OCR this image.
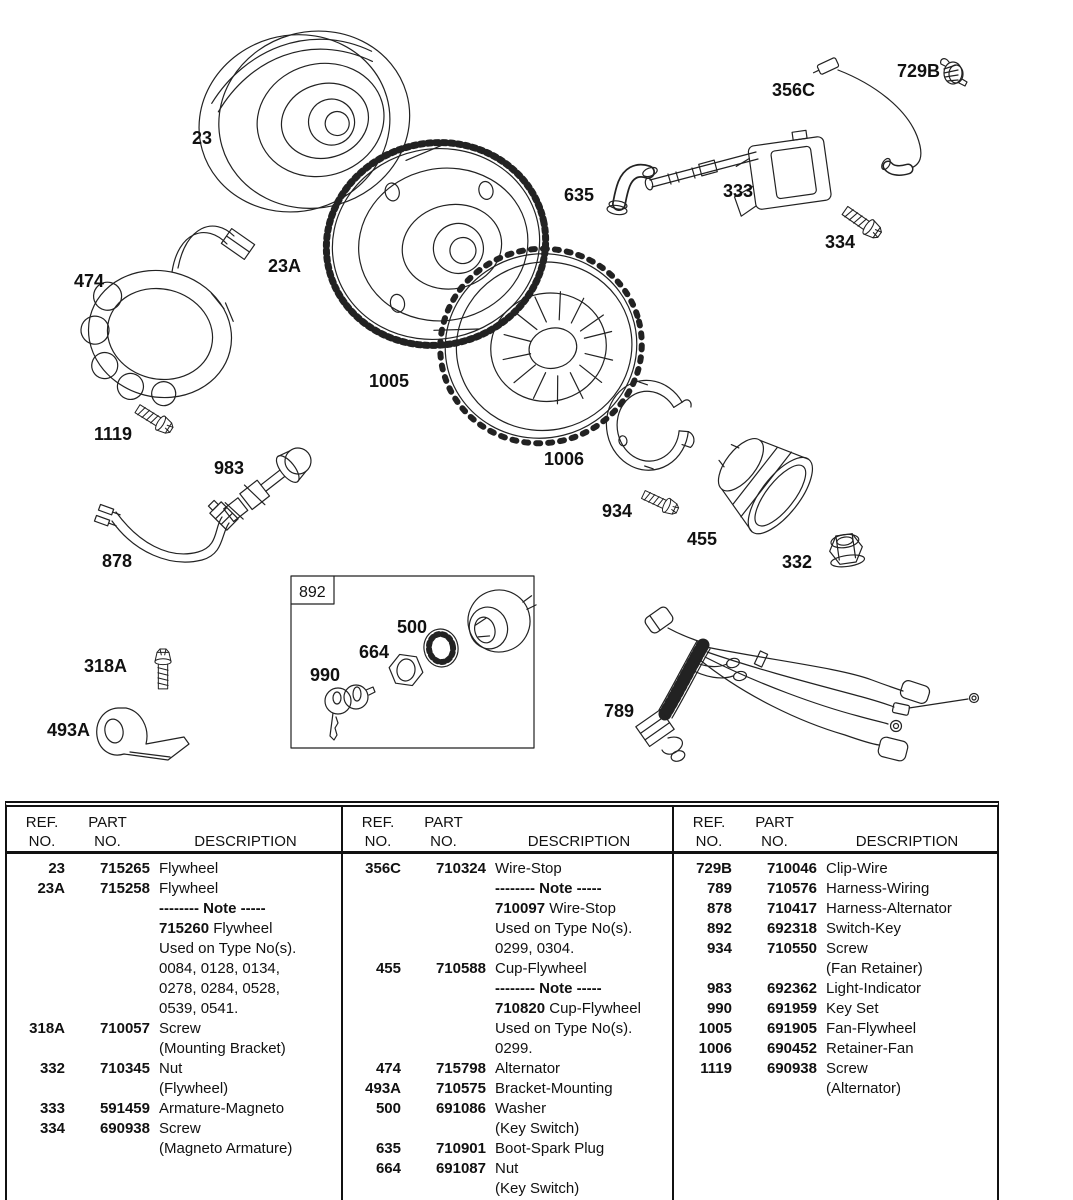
23
23A
474
1119
983
878
318A
493A
892
500
664
990
635	333
356C
729B
334
1005
1006
934
455
332
789
REF.
NO.
PART
NO.	DESCRIPTION
23	715265 Flywheel
23A	715258 Flywheel
-------- Note -----
715260 Flywheel
Used on Type No(s).
0084, 0128, 0134,
0278, 0284, 0528,
0539, 0541.
318A	710057 Screw
(Mounting Bracket)
332	710345 Nut
(Flywheel)
333	591459 Armature-Magneto
334	690938 Screw
(Magneto Armature)
REF.
NO.
PART
NO.	DESCRIPTION
356C	710324 Wire-Stop
-------- Note -----
710097 Wire-Stop
Used on Type No(s).
0299, 0304.
455	710588 Cup-Flywheel
-------- Note -----
710820 Cup-Flywheel
Used on Type No(s).
0299.
474	715798 Alternator
493A	710575 Bracket-Mounting
500	691086 Washer
(Key Switch)
635	710901 Boot-Spark Plug
664	691087 Nut
(Key Switch)
REF.
NO.
PART
NO.	DESCRIPTION
729B	710046 Clip-Wire
789	710576 Harness-Wiring
878	710417 Harness-Alternator
892	692318 Switch-Key
934	710550 Screw
(Fan Retainer)
983	692362 Light-Indicator
990	691959 Key Set
1005	691905 Fan-Flywheel
1006	690452 Retainer-Fan
1119	690938 Screw
(Alternator)
